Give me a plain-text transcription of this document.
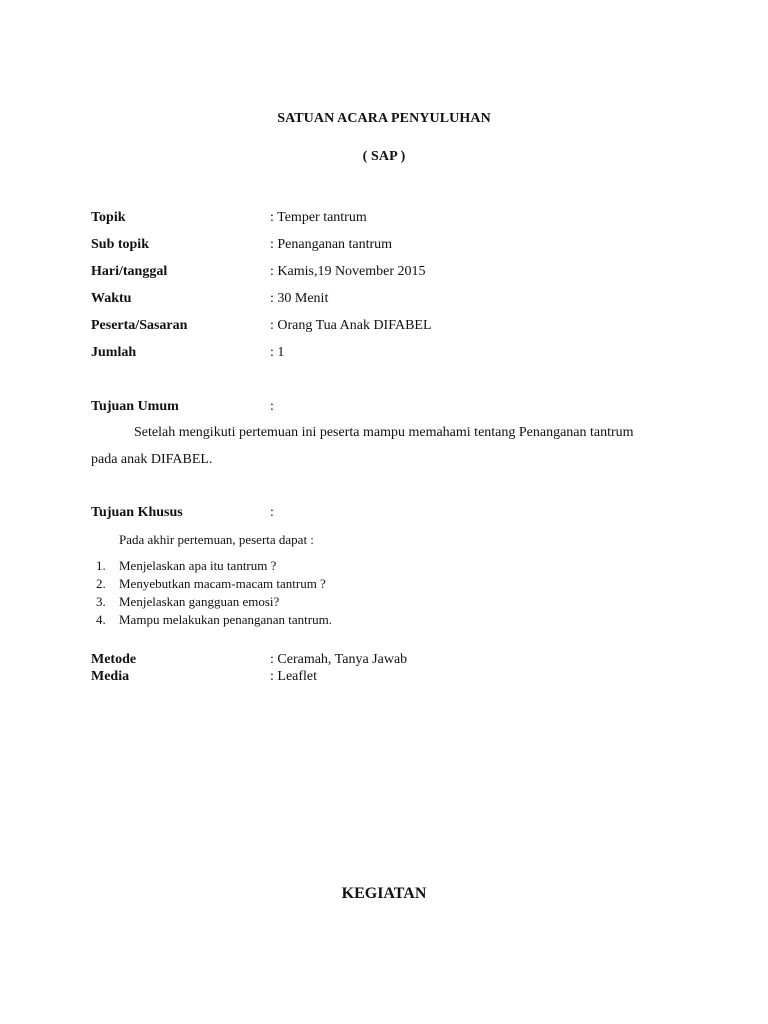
SATUAN ACARA PENYULUHAN
( SAP )
Topik	: Temper tantrum
Sub topik	: Penanganan tantrum
Hari/tanggal	: Kamis,19 November 2015
Waktu	: 30 Menit
Peserta/Sasaran	: Orang Tua Anak DIFABEL
Jumlah	: 1
Tujuan Umum	:
Setelah mengikuti pertemuan ini peserta mampu memahami tentang Penanganan tantrum
pada anak DIFABEL.
Tujuan Khusus	:
Pada akhir pertemuan, peserta dapat :
1. Menjelaskan apa itu tantrum ?
2. Menyebutkan macam-macam tantrum ?
3. Menjelaskan gangguan emosi?
4. Mampu melakukan penanganan tantrum.
Metode	: Ceramah, Tanya Jawab
Media	: Leaflet
KEGIATAN
